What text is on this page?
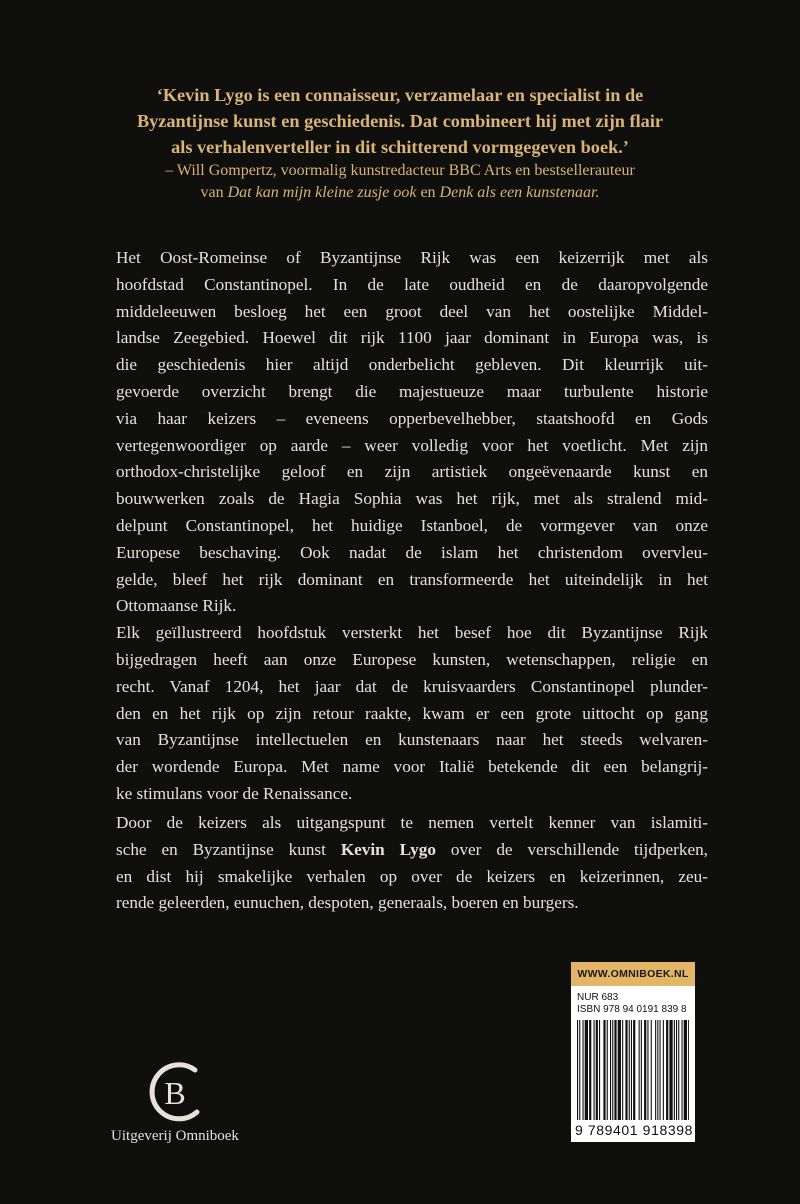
‘Kevin Lygo is een connaisseur, verzamelaar en specialist in de
Byzantijnse kunst en geschiedenis. Dat combineert hij met zijn flair
als verhalenverteller in dit schitterend vormgegeven boek.’

– Will Gompertz, voormalig kunstredacteur BBC Arts en bestsellerauteur
van Dat kan mijn kleine zusje ook en Denk als een kunstenaar.

Het Oost-Romeinse of Byzantijnse Rijk was een keizerrijk met als
hoofdstad Constantinopel. In de late oudheid en de daaropvolgende
middeleeuwen besloeg het een groot deel van het oostelijke Middel-
landse Zeegebied. Hoewel dit rijk 1100 jaar dominant in Europa was, is
die geschiedenis hier altijd onderbelicht gebleven. Dit kleurrijk uit-
gevoerde overzicht brengt die majestueuze maar turbulente historie
via haar keizers – eveneens opperbevelhebber, staatshoofd en Gods
vertegenwoordiger op aarde – weer volledig voor het voetlicht. Met zijn
orthodox-christelijke geloof en zijn artistiek ongeëvenaarde kunst en
bouwwerken zoals de Hagia Sophia was het rijk, met als stralend mid-
delpunt Constantinopel, het huidige Istanboel, de vormgever van onze
Europese beschaving. Ook nadat de islam het christendom overvleu-
gelde, bleef het rijk dominant en transformeerde het uiteindelijk in het
Ottomaanse Rijk.
Elk geïllustreerd hoofdstuk versterkt het besef hoe dit Byzantijnse Rijk
bijgedragen heeft aan onze Europese kunsten, wetenschappen, religie en
recht. Vanaf 1204, het jaar dat de kruisvaarders Constantinopel plunder-
den en het rijk op zijn retour raakte, kwam er een grote uittocht op gang
van Byzantijnse intellectuelen en kunstenaars naar het steeds welvaren-
der wordende Europa. Met name voor Italië betekende dit een belangrij-
ke stimulans voor de Renaissance.
Door de keizers als uitgangspunt te nemen vertelt kenner van islamiti-
sche en Byzantijnse kunst Kevin Lygo over de verschillende tijdperken,
en dist hij smakelijke verhalen op over de keizers en keizerinnen, zeu-
rende geleerden, eunuchen, despoten, generaals, boeren en burgers.
WWW.OMNIBOEK.NL
NUR 683
ISBN 978 94 0191 839 8
9 789401 918398
B
Uitgeverij Omniboek
